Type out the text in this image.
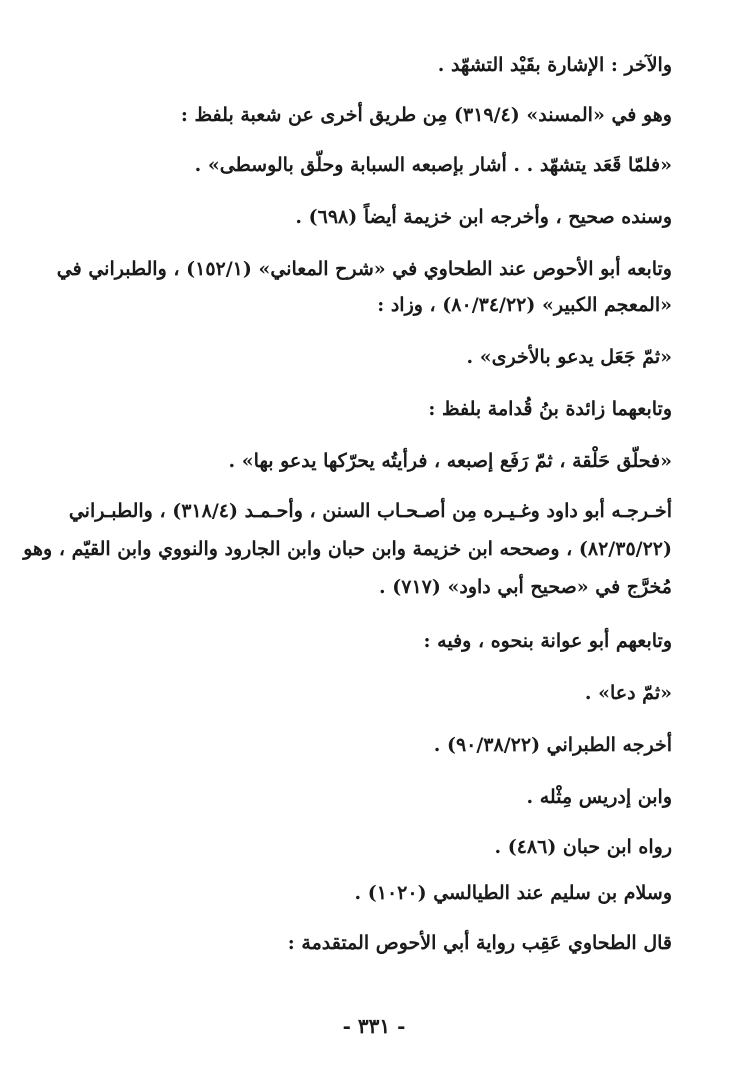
والآخر : الإشارة بقَيْد التشهّد .
وهو في «المسند» (٣١٩/٤) مِن طريق أخرى عن شعبة بلفظ :
«فلمّا قَعَد يتشهّد . . أشار بإصبعه السبابة وحلّق بالوسطى» .
وسنده صحيح ، وأخرجه ابن خزيمة أيضاً (٦٩٨) .
وتابعه أبو الأحوص عند الطحاوي في «شرح المعاني» (١٥٢/١) ، والطبراني في
«المعجم الكبير» (٨٠/٣٤/٢٢) ، وزاد :
«ثمّ جَعَل يدعو بالأخرى» .
وتابعهما زائدة بنُ قُدامة بلفظ :
«فحلّق حَلْقة ، ثمّ رَفَع إصبعه ، فرأيتُه يحرّكها يدعو بها» .
أخـرجـه أبو داود وغـيـره مِن أصـحـاب السنن ، وأحـمـد (٣١٨/٤) ، والطبـراني
(٨٢/٣٥/٢٢) ، وصححه ابن خزيمة وابن حبان وابن الجارود والنووي وابن القيّم ، وهو
مُخرَّج في «صحيح أبي داود» (٧١٧) .
وتابعهم أبو عوانة بنحوه ، وفيه :
«ثمّ دعا» .
أخرجه الطبراني (٩٠/٣٨/٢٢) .
وابن إدريس مِثْله .
رواه ابن حبان (٤٨٦) .
وسلام بن سليم عند الطيالسي (١٠٢٠) .
قال الطحاوي عَقِب رواية أبي الأحوص المتقدمة :
- ٣٣١ -
